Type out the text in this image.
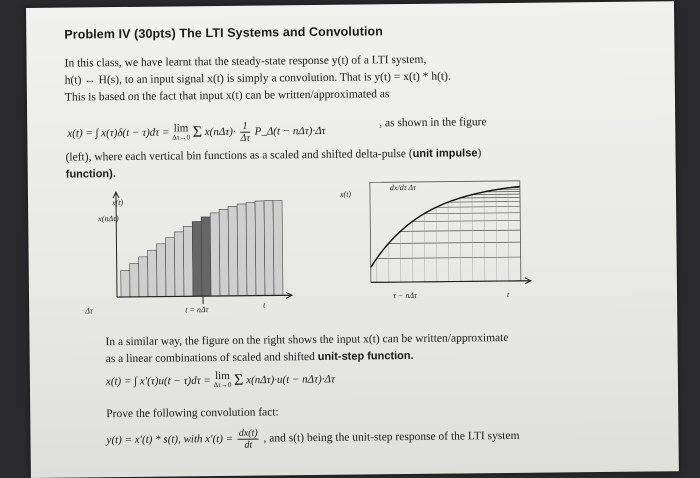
Problem IV (30pts) The LTI Systems and Convolution
In this class, we have learnt that the steady-state response y(t) of a LTI system,
h(t) ↔ H(s), to an input signal x(t) is simply a convolution. That is y(t) = x(t) * h(t).
This is based on the fact that input x(t) can be written/approximated as
x(t) = ∫ x(τ)δ(t − τ)dτ = lim
Δτ→0 Σ $x(n\Delta\tau)\cdot \frac{1}{\Delta\tau}$ P_Δ(t − nΔτ)·Δτ
, as shown in the figure
(left), where each vertical bin functions as a scaled and shifted delta-pulse (unit impulse)
function).
x(t)
x(nΔτ)
t
Δτ	t = nΔτ
x(t)
dx/dτ Δτ
t
τ − nΔτ
In a similar way, the figure on the right shows the input x(t) can be written/approximate
as a linear combinations of scaled and shifted unit-step function.
x(t) = ∫ x′(τ)u(t − τ)dτ = lim
Δτ→0 Σ x(nΔτ)·u(t − nΔτ)·Δτ
Prove the following convolution fact:
y(t) = x′(t) * s(t), with $x'(t) = \frac{dx(t)}{dt}$ , and s(t) being the unit-step response of the LTI system
